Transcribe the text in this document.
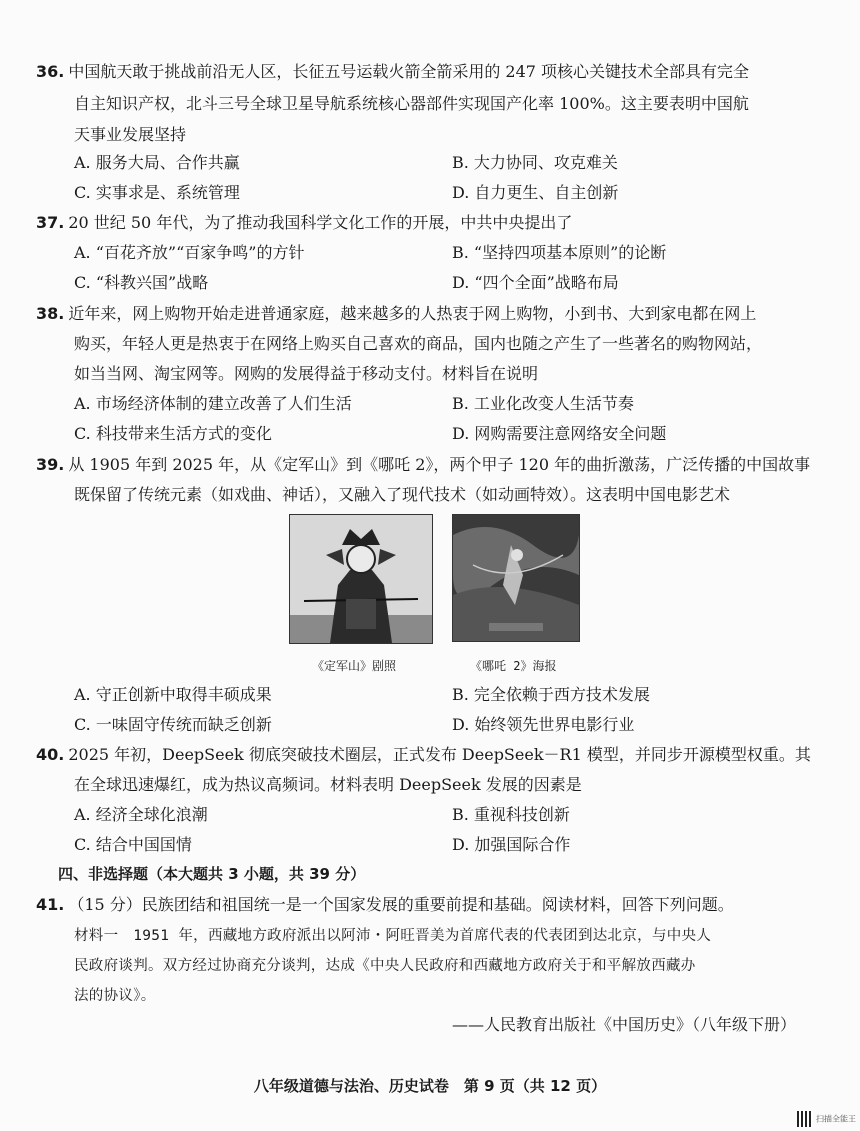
36. 中国航天敢于挑战前沿无人区，长征五号运载火箭全箭采用的 247 项核心关键技术全部具有完全
自主知识产权，北斗三号全球卫星导航系统核心器部件实现国产化率 100%。这主要表明中国航
天事业发展坚持
A. 服务大局、合作共赢	B. 大力协同、攻克难关
C. 实事求是、系统管理	D. 自力更生、自主创新
37. 20 世纪 50 年代，为了推动我国科学文化工作的开展，中共中央提出了
A. “百花齐放”“百家争鸣”的方针	B. “坚持四项基本原则”的论断
C. “科教兴国”战略	D. “四个全面”战略布局
38. 近年来，网上购物开始走进普通家庭，越来越多的人热衷于网上购物，小到书、大到家电都在网上
购买，年轻人更是热衷于在网络上购买自己喜欢的商品，国内也随之产生了一些著名的购物网站，
如当当网、淘宝网等。网购的发展得益于移动支付。材料旨在说明
A. 市场经济体制的建立改善了人们生活	B. 工业化改变人生活节奏
C. 科技带来生活方式的变化	D. 网购需要注意网络安全问题
39. 从 1905 年到 2025 年，从《定军山》到《哪吒 2》，两个甲子 120 年的曲折激荡，广泛传播的中国故事
既保留了传统元素（如戏曲、神话），又融入了现代技术（如动画特效）。这表明中国电影艺术
《定军山》剧照	《哪吒 2》海报
A. 守正创新中取得丰硕成果	B. 完全依赖于西方技术发展
C. 一味固守传统而缺乏创新	D. 始终领先世界电影行业
40. 2025 年初，DeepSeek 彻底突破技术圈层，正式发布 DeepSeek－R1 模型，并同步开源模型权重。其
在全球迅速爆红，成为热议高频词。材料表明 DeepSeek 发展的因素是
A. 经济全球化浪潮	B. 重视科技创新
C. 结合中国国情	D. 加强国际合作
四、非选择题（本大题共 3 小题，共 39 分）
41. （15 分）民族团结和祖国统一是一个国家发展的重要前提和基础。阅读材料，回答下列问题。
材料一　1951 年，西藏地方政府派出以阿沛・阿旺晋美为首席代表的代表团到达北京，与中央人
民政府谈判。双方经过协商充分谈判，达成《中央人民政府和西藏地方政府关于和平解放西藏办
法的协议》。
——人民教育出版社《中国历史》（八年级下册）
八年级道德与法治、历史试卷　第 9 页（共 12 页）
扫描全能王
